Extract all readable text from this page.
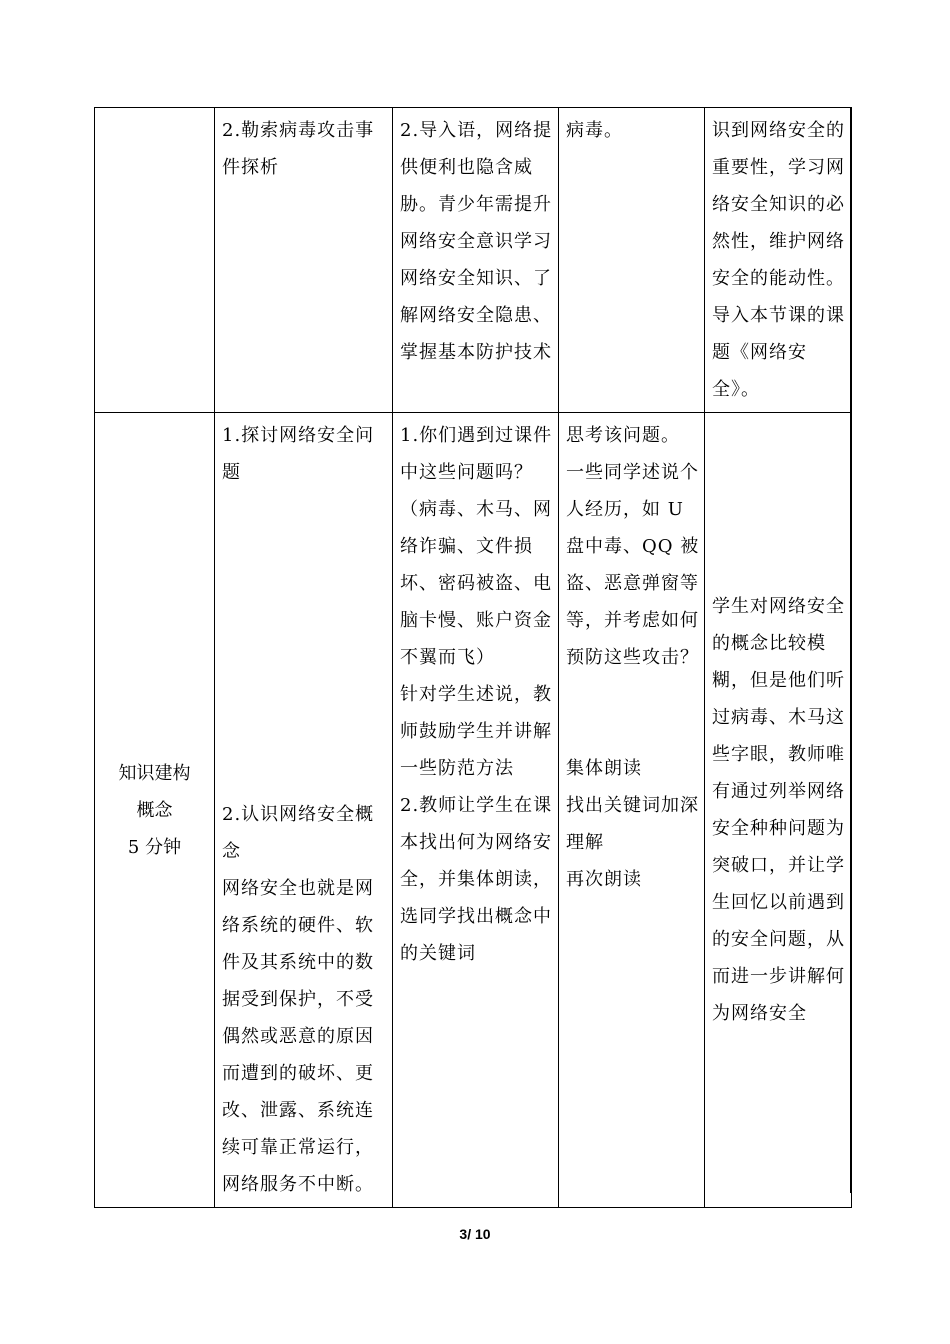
	2.勒索病毒攻击事件探析	2.导入语，网络提供便利也隐含威胁。青少年需提升网络安全意识学习网络安全知识、了解网络安全隐患、掌握基本防护技术	病毒。	识到网络安全的重要性，学习网络安全知识的必然性，维护网络安全的能动性。导入本节课的课题《网络安全》。

知识建构
概念
5 分钟	1.探讨网络安全问题
2.认识网络安全概念
网络安全也就是网络系统的硬件、软件及其系统中的数据受到保护，不受偶然或恶意的原因而遭到的破坏、更改、泄露、系统连续可靠正常运行，网络服务不中断。	1.你们遇到过课件中这些问题吗？（病毒、木马、网络诈骗、文件损坏、密码被盗、电脑卡慢、账户资金不翼而飞）
针对学生述说，教师鼓励学生并讲解一些防范方法
2.教师让学生在课本找出何为网络安全，并集体朗读，选同学找出概念中的关键词	思考该问题。
一些同学述说个人经历，如 U 盘中毒、QQ 被盗、恶意弹窗等等，并考虑如何预防这些攻击？
集体朗读
找出关键词加深理解
再次朗读	学生对网络安全的概念比较模糊，但是他们听过病毒、木马这些字眼，教师唯有通过列举网络安全种种问题为突破口，并让学生回忆以前遇到的安全问题，从而进一步讲解何为网络安全
3/ 10
